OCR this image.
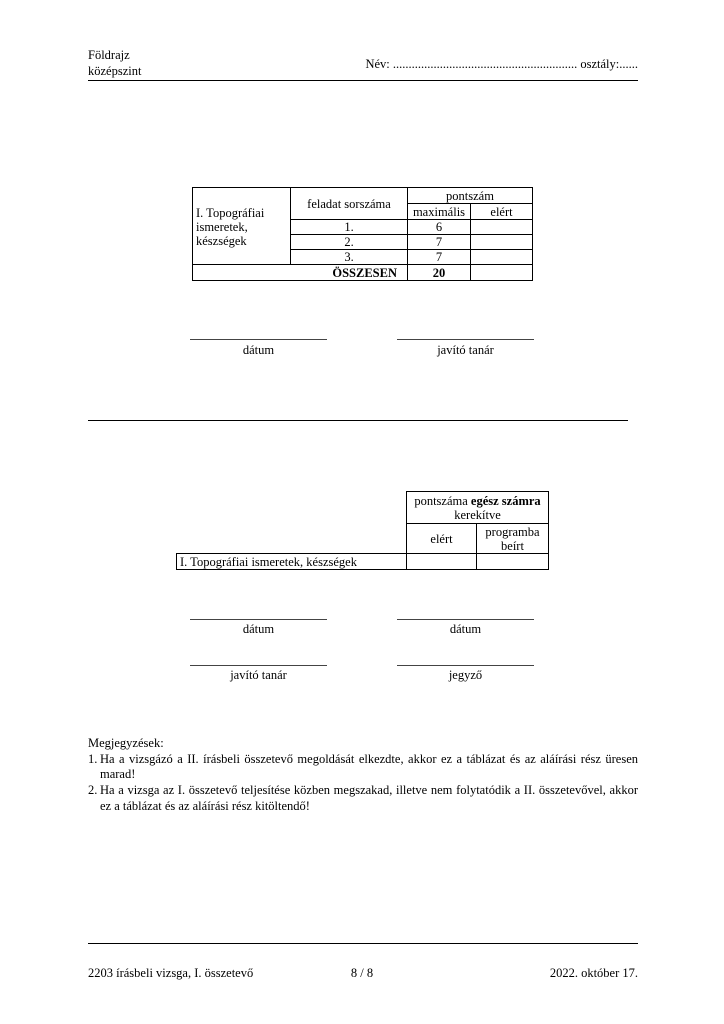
Földrajz
középszint	Név: ........................................................... osztály:......
I. Topográfiai ismeretek, készségek	feladat sorszáma	pontszám	
		maximális	elért
	1.	6	
	2.	7	
	3.	7	
ÖSSZESEN		20	
dátum	javító tanár
	pontszáma egész számra kerekítve	
	elért	programba beírt
I. Topográfiai ismeretek, készségek		
dátum	dátum
javító tanár	jegyző
Megjegyzések:
1. Ha a vizsgázó a II. írásbeli összetevő megoldását elkezdte, akkor ez a táblázat és az aláírási rész üresen marad!
2. Ha a vizsga az I. összetevő teljesítése közben megszakad, illetve nem folytatódik a II. összetevővel, akkor ez a táblázat és az aláírási rész kitöltendő!
2203 írásbeli vizsga, I. összetevő	8 / 8	2022. október 17.
